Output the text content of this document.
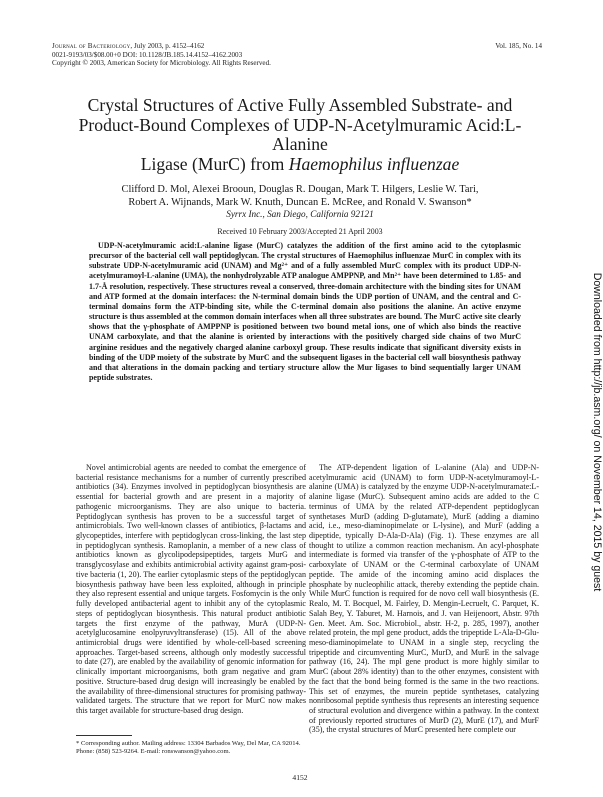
Journal of Bacteriology, July 2003, p. 4152–4162	Vol. 185, No. 14
0021-9193/03/$08.00+0 DOI: 10.1128/JB.185.14.4152–4162.2003
Copyright © 2003, American Society for Microbiology. All Rights Reserved.
Crystal Structures of Active Fully Assembled Substrate- and
Product-Bound Complexes of UDP-N-Acetylmuramic Acid:L-Alanine
Ligase (MurC) from Haemophilus influenzae
Clifford D. Mol, Alexei Brooun, Douglas R. Dougan, Mark T. Hilgers, Leslie W. Tari,
Robert A. Wijnands, Mark W. Knuth, Duncan E. McRee, and Ronald V. Swanson*
Syrrx Inc., San Diego, California 92121
Received 10 February 2003/Accepted 21 April 2003
UDP-N-acetylmuramic acid:L-alanine ligase (MurC) catalyzes the addition of the first amino acid to the cytoplasmic precursor of the bacterial cell wall peptidoglycan. The crystal structures of Haemophilus influenzae MurC in complex with its substrate UDP-N-acetylmuramic acid (UNAM) and Mg²⁺ and of a fully assembled MurC complex with its product UDP-N-acetylmuramoyl-L-alanine (UMA), the nonhydrolyzable ATP analogue AMPPNP, and Mn²⁺ have been determined to 1.85- and 1.7-Å resolution, respectively. These structures reveal a conserved, three-domain architecture with the binding sites for UNAM and ATP formed at the domain interfaces: the N-terminal domain binds the UDP portion of UNAM, and the central and C-terminal domains form the ATP-binding site, while the C-terminal domain also positions the alanine. An active enzyme structure is thus assembled at the common domain interfaces when all three substrates are bound. The MurC active site clearly shows that the γ-phosphate of AMPPNP is positioned between two bound metal ions, one of which also binds the reactive UNAM carboxylate, and that the alanine is oriented by interactions with the positively charged side chains of two MurC arginine residues and the negatively charged alanine carboxyl group. These results indicate that significant diversity exists in binding of the UDP moiety of the substrate by MurC and the subsequent ligases in the bacterial cell wall biosynthesis pathway and that alterations in the domain packing and tertiary structure allow the Mur ligases to bind sequentially larger UNAM peptide substrates.

Novel antimicrobial agents are needed to combat the emergence of bacterial resistance mechanisms for a number of currently prescribed antibiotics (34). Enzymes involved in peptidoglycan biosynthesis are essential for bacterial growth and are present in a majority of pathogenic microorganisms. They are also unique to bacteria. Peptidoglycan synthesis has proven to be a successful target of antimicrobials. Two well-known classes of antibiotics, β-lactams and glycopeptides, interfere with peptidoglycan cross-linking, the last step in peptidoglycan synthesis. Ramoplanin, a member of a new class of antibiotics known as glycolipodepsipeptides, targets MurG and transglycosylase and exhibits antimicrobial activity against gram-positive bacteria (1, 20). The earlier cytoplasmic steps of the peptidoglycan biosynthesis pathway have been less exploited, although in principle they also represent essential and unique targets. Fosfomycin is the only fully developed antibacterial agent to inhibit any of the cytoplasmic steps of peptidoglycan biosynthesis. This natural product antibiotic targets the first enzyme of the pathway, MurA (UDP-N-acetylglucosamine enolpyruvyltransferase) (15). All of the above antimicrobial drugs were identified by whole-cell-based screening approaches. Target-based screens, although only modestly successful to date (27), are enabled by the availability of genomic information for clinically important microorganisms, both gram negative and gram positive. Structure-based drug design will increasingly be enabled by the availability of three-dimensional structures for promising pathway-validated targets. The structure that we report for MurC now makes this target available for structure-based drug design.

The ATP-dependent ligation of L-alanine (Ala) and UDP-N-acetylmuramic acid (UNAM) to form UDP-N-acetylmuramoyl-L-alanine (UMA) is catalyzed by the enzyme UDP-N-acetylmuramate:L-alanine ligase (MurC). Subsequent amino acids are added to the C terminus of UMA by the related ATP-dependent peptidoglycan synthetases MurD (adding D-glutamate), MurE (adding a diamino acid, i.e., meso-diaminopimelate or L-lysine), and MurF (adding a dipeptide, typically D-Ala-D-Ala) (Fig. 1). These enzymes are all thought to utilize a common reaction mechanism. An acyl-phosphate intermediate is formed via transfer of the γ-phosphate of ATP to the carboxylate of UNAM or the C-terminal carboxylate of UNAM peptide. The amide of the incoming amino acid displaces the phosphate by nucleophilic attack, thereby extending the peptide chain. While MurC function is required for de novo cell wall biosynthesis (E. Realo, M. T. Bocquel, M. Fairley, D. Mengin-Lecruelt, C. Parquet, K. Salah Bey, Y. Taburet, M. Harnois, and J. van Heijenoort, Abstr. 97th Gen. Meet. Am. Soc. Microbiol., abstr. H-2, p. 285, 1997), another related protein, the mpl gene product, adds the tripeptide L-Ala-D-Glu-meso-diaminopimelate to UNAM in a single step, recycling the tripeptide and circumventing MurC, MurD, and MurE in the salvage pathway (16, 24). The mpl gene product is more highly similar to MurC (about 28% identity) than to the other enzymes, consistent with the fact that the bond being formed is the same in the two reactions. This set of enzymes, the murein peptide synthetases, catalyzing nonribosomal peptide synthesis thus represents an interesting sequence of structural evolution and divergence within a pathway. In the context of previously reported structures of MurD (2), MurE (17), and MurF (35), the crystal structures of MurC presented here complete our

* Corresponding author. Mailing address: 13304 Barbados Way, Del Mar, CA 92014. Phone: (858) 523-9264. E-mail: ronswanson@yahoo.com.
4152
Downloaded from http://jb.asm.org/ on November 14, 2015 by guest
